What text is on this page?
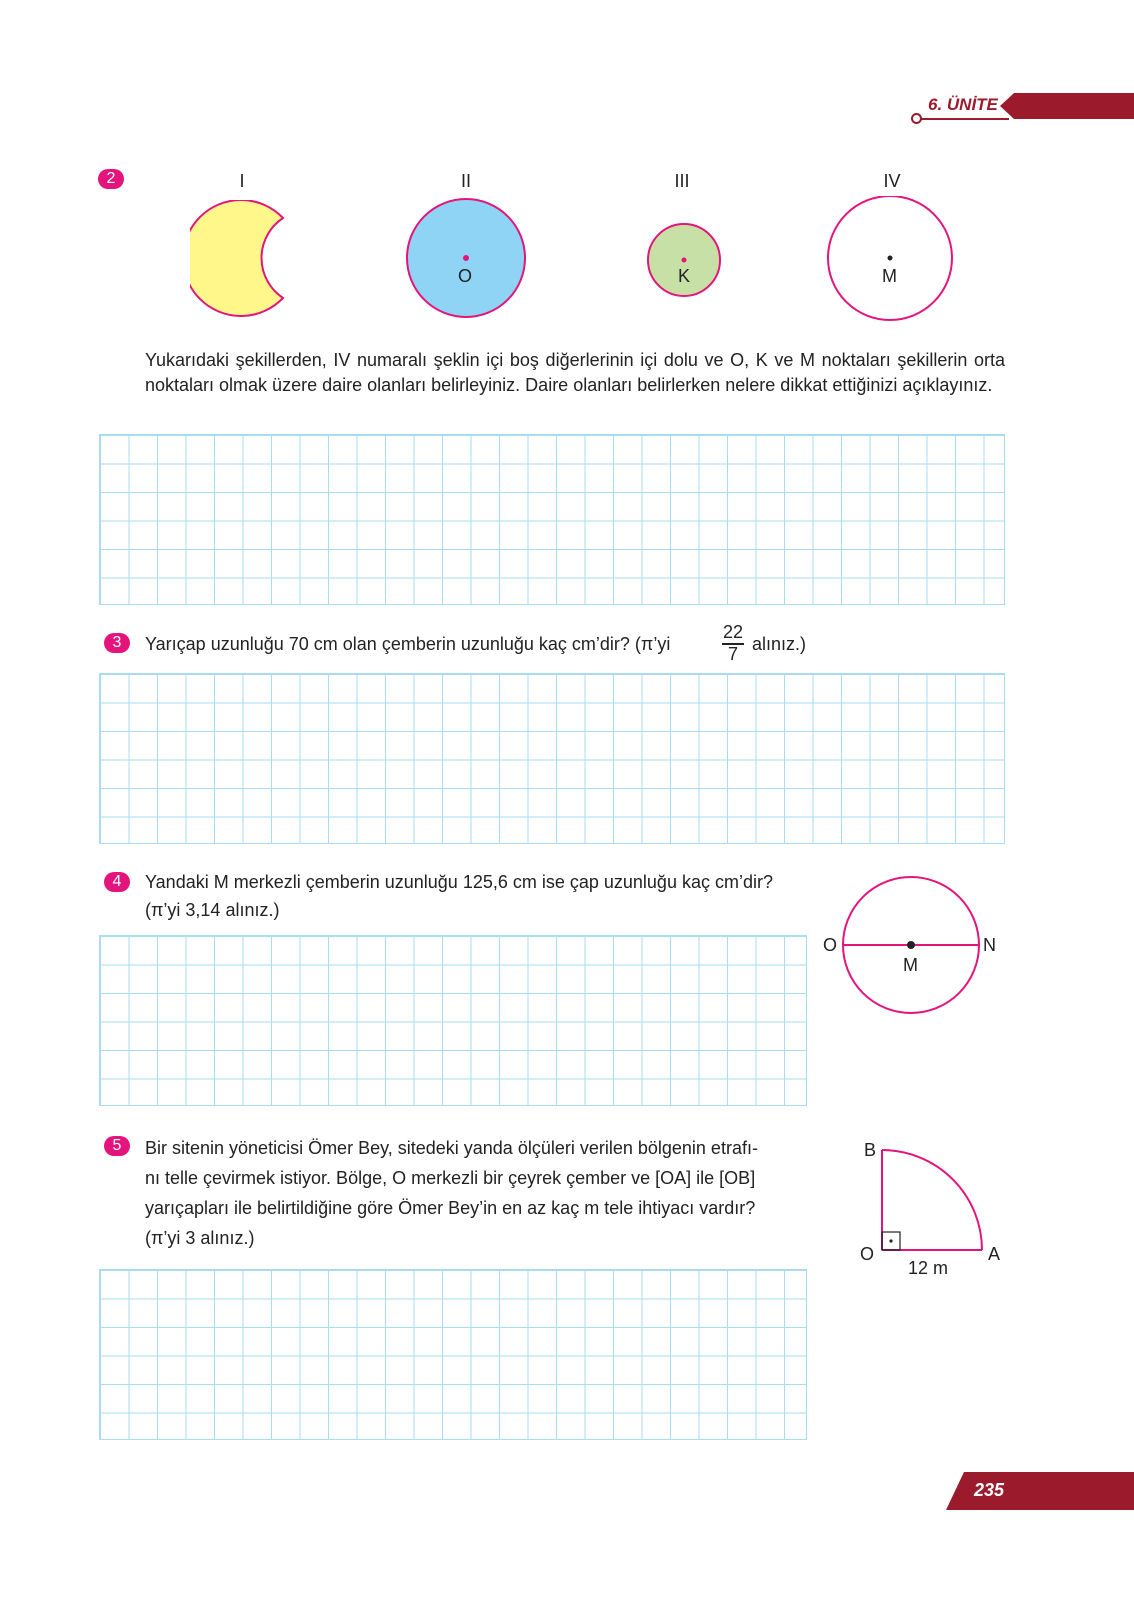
6. ÜNİTE
2	I	II	III	IV
O	K	M
Yukarıdaki şekillerden, IV numaralı şeklin içi boş diğerlerinin içi dolu ve O, K ve M noktaları şekillerin orta noktaları olmak üzere daire olanları belirleyiniz. Daire olanları belirlerken nelere dikkat ettiğinizi açıklayınız.
3	Yarıçap uzunluğu 70 cm olan çemberin uzunluğu kaç cm’dir? (π’yi
22
7 alınız.)
4	Yandaki M merkezli çemberin uzunluğu 125,6 cm ise çap uzunluğu kaç cm’dir?
(π’yi 3,14 alınız.)
O	N
M
5	Bir sitenin yöneticisi Ömer Bey, sitedeki yanda ölçüleri verilen bölgenin etrafı-
nı telle çevirmek istiyor. Bölge, O merkezli bir çeyrek çember ve [OA] ile [OB]
yarıçapları ile belirtildiğine göre Ömer Bey’in en az kaç m tele ihtiyacı vardır?
(π’yi 3 alınız.)
B
O	A
12 m
235
